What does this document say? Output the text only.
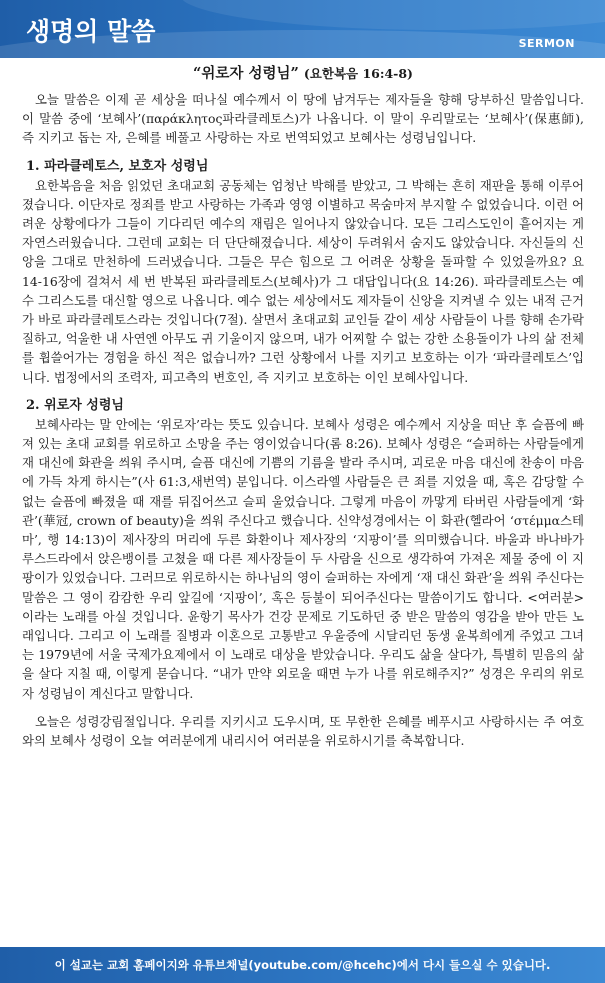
생명의 말씀	SERMON
“위로자 성령님” (요한복음 16:4-8)

오늘 말씀은 이제 곧 세상을 떠나실 예수께서 이 땅에 남겨두는 제자들을 향해 당부하신 말씀입니다. 이 말씀 중에 ‘보혜사’(παράκλητος파라클레토스)가 나옵니다. 이 말이 우리말로는 ‘보혜사’(保惠師), 즉 지키고 돕는 자, 은혜를 베풀고 사랑하는 자로 번역되었고 보혜사는 성령님입니다.

1. 파라클레토스, 보호자 성령님

요한복음을 처음 읽었던 초대교회 공동체는 엄청난 박해를 받았고, 그 박해는 흔히 재판을 통해 이루어졌습니다. 이단자로 정죄를 받고 사랑하는 가족과 영영 이별하고 목숨마저 부지할 수 없었습니다. 이런 어려운 상황에다가 그들이 기다리던 예수의 재림은 일어나지 않았습니다. 모든 그리스도인이 흩어지는 게 자연스러웠습니다. 그런데 교회는 더 단단해졌습니다. 세상이 두려워서 숨지도 않았습니다. 자신들의 신앙을 그대로 만천하에 드러냈습니다. 그들은 무슨 힘으로 그 어려운 상황을 돌파할 수 있었을까요? 요 14-16장에 걸쳐서 세 번 반복된 파라클레토스(보혜사)가 그 대답입니다(요 14:26). 파라클레토스는 예수 그리스도를 대신할 영으로 나옵니다. 예수 없는 세상에서도 제자들이 신앙을 지켜낼 수 있는 내적 근거가 바로 파라클레토스라는 것입니다(7절). 살면서 초대교회 교인들 같이 세상 사람들이 나를 향해 손가락질하고, 억울한 내 사연엔 아무도 귀 기울이지 않으며, 내가 어찌할 수 없는 강한 소용돌이가 나의 삶 전체를 휩쓸어가는 경험을 하신 적은 없습니까? 그런 상황에서 나를 지키고 보호하는 이가 ‘파라클레토스’입니다. 법정에서의 조력자, 피고측의 변호인, 즉 지키고 보호하는 이인 보혜사입니다.

2. 위로자 성령님

보혜사라는 말 안에는 ‘위로자’라는 뜻도 있습니다. 보혜사 성령은 예수께서 지상을 떠난 후 슬픔에 빠져 있는 초대 교회를 위로하고 소망을 주는 영이었습니다(롬 8:26). 보혜사 성령은 “슬퍼하는 사람들에게 재 대신에 화관을 씌워 주시며, 슬픔 대신에 기쁨의 기름을 발라 주시며, 괴로운 마음 대신에 찬송이 마음에 가득 차게 하시는”(사 61:3,새번역) 분입니다. 이스라엘 사람들은 큰 죄를 지었을 때, 혹은 감당할 수 없는 슬픔에 빠졌을 때 재를 뒤집어쓰고 슬피 울었습니다. 그렇게 마음이 까맣게 타버린 사람들에게 ‘화관’(華冠, crown of beauty)을 씌워 주신다고 했습니다. 신약성경에서는 이 화관(헬라어 ‘στέμμα스테마’, 행 14:13)이 제사장의 머리에 두른 화환이나 제사장의 ‘지팡이’를 의미했습니다. 바울과 바나바가 루스드라에서 앉은뱅이를 고쳤을 때 다른 제사장들이 두 사람을 신으로 생각하여 가져온 제물 중에 이 지팡이가 있었습니다. 그러므로 위로하시는 하나님의 영이 슬퍼하는 자에게 ‘재 대신 화관’을 씌워 주신다는 말씀은 그 영이 캄캄한 우리 앞길에 ‘지팡이’, 혹은 등불이 되어주신다는 말씀이기도 합니다. <여러분>이라는 노래를 아실 것입니다. 윤항기 목사가 건강 문제로 기도하던 중 받은 말씀의 영감을 받아 만든 노래입니다. 그리고 이 노래를 질병과 이혼으로 고통받고 우울증에 시달리던 동생 윤복희에게 주었고 그녀는 1979년에 서울 국제가요제에서 이 노래로 대상을 받았습니다. 우리도 삶을 살다가, 특별히 믿음의 삶을 살다 지칠 때, 이렇게 묻습니다. “내가 만약 외로울 때면 누가 나를 위로해주지?” 성경은 우리의 위로자 성령님이 계신다고 말합니다.

오늘은 성령강림절입니다. 우리를 지키시고 도우시며, 또 무한한 은혜를 베푸시고 사랑하시는 주 여호와의 보혜사 성령이 오늘 여러분에게 내리시어 여러분을 위로하시기를 축복합니다.

이 설교는 교회 홈페이지와 유튜브채널(youtube.com/@hcehc)에서 다시 들으실 수 있습니다.
